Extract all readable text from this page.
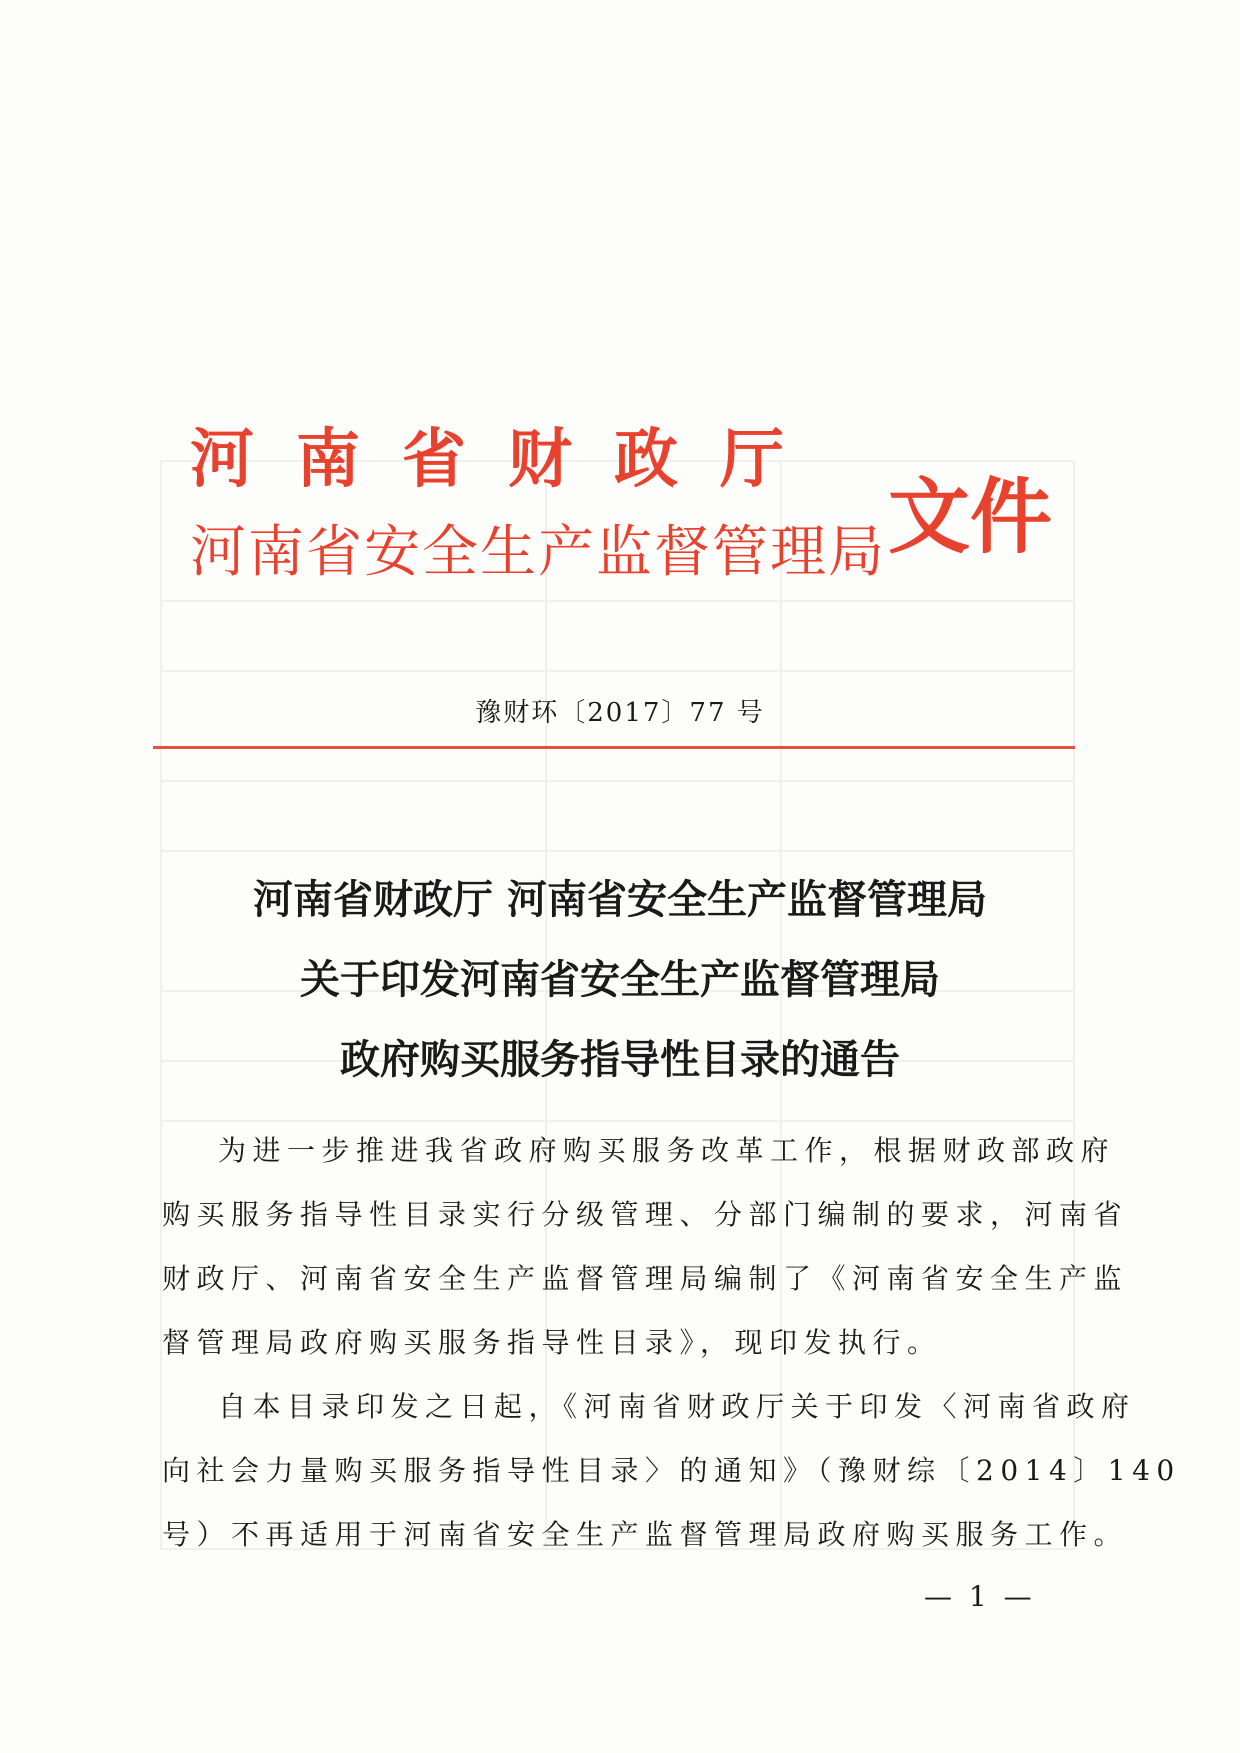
河南省财政厅
河南省安全生产监督管理局 文件
豫财环〔2017〕77 号
河南省财政厅 河南省安全生产监督管理局
关于印发河南省安全生产监督管理局
政府购买服务指导性目录的通告
为进一步推进我省政府购买服务改革工作，根据财政部政府
购买服务指导性目录实行分级管理、分部门编制的要求，河南省
财政厅、河南省安全生产监督管理局编制了《河南省安全生产监
督管理局政府购买服务指导性目录》，现印发执行。
自本目录印发之日起，《河南省财政厅关于印发〈河南省政府
向社会力量购买服务指导性目录〉的通知》（豫财综〔2014〕140
号）不再适用于河南省安全生产监督管理局政府购买服务工作。
— 1 —
